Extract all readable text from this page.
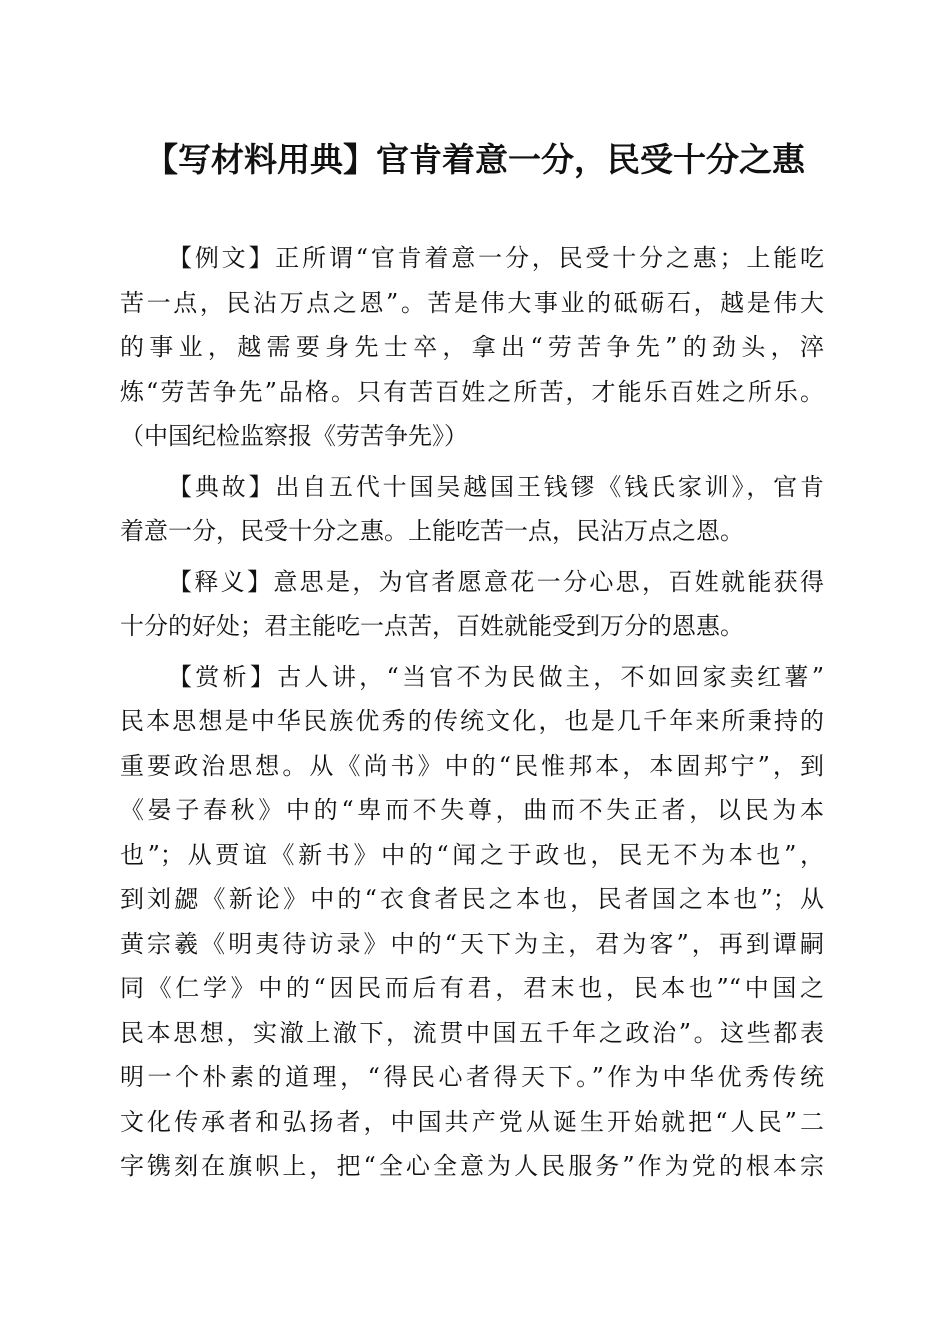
【写材料用典】官肯着意一分，民受十分之惠
【例文】正所谓“官肯着意一分，民受十分之惠；上能吃
苦一点，民沾万点之恩”。苦是伟大事业的砥砺石，越是伟大
的事业，越需要身先士卒，拿出“劳苦争先”的劲头，淬
炼“劳苦争先”品格。只有苦百姓之所苦，才能乐百姓之所乐。
（中国纪检监察报《劳苦争先》）
【典故】出自五代十国吴越国王钱镠《钱氏家训》，官肯
着意一分，民受十分之惠。上能吃苦一点，民沾万点之恩。
【释义】意思是，为官者愿意花一分心思，百姓就能获得
十分的好处；君主能吃一点苦，百姓就能受到万分的恩惠。
【赏析】古人讲，“当官不为民做主，不如回家卖红薯”
民本思想是中华民族优秀的传统文化，也是几千年来所秉持的
重要政治思想。从《尚书》中的“民惟邦本，本固邦宁”，到
《晏子春秋》中的“卑而不失尊，曲而不失正者，以民为本
也”；从贾谊《新书》中的“闻之于政也，民无不为本也”，
到刘勰《新论》中的“衣食者民之本也，民者国之本也”；从
黄宗羲《明夷待访录》中的“天下为主，君为客”，再到谭嗣
同《仁学》中的“因民而后有君，君末也，民本也”“中国之
民本思想，实澈上澈下，流贯中国五千年之政治”。这些都表
明一个朴素的道理，“得民心者得天下。”作为中华优秀传统
文化传承者和弘扬者，中国共产党从诞生开始就把“人民”二
字镌刻在旗帜上，把“全心全意为人民服务”作为党的根本宗
